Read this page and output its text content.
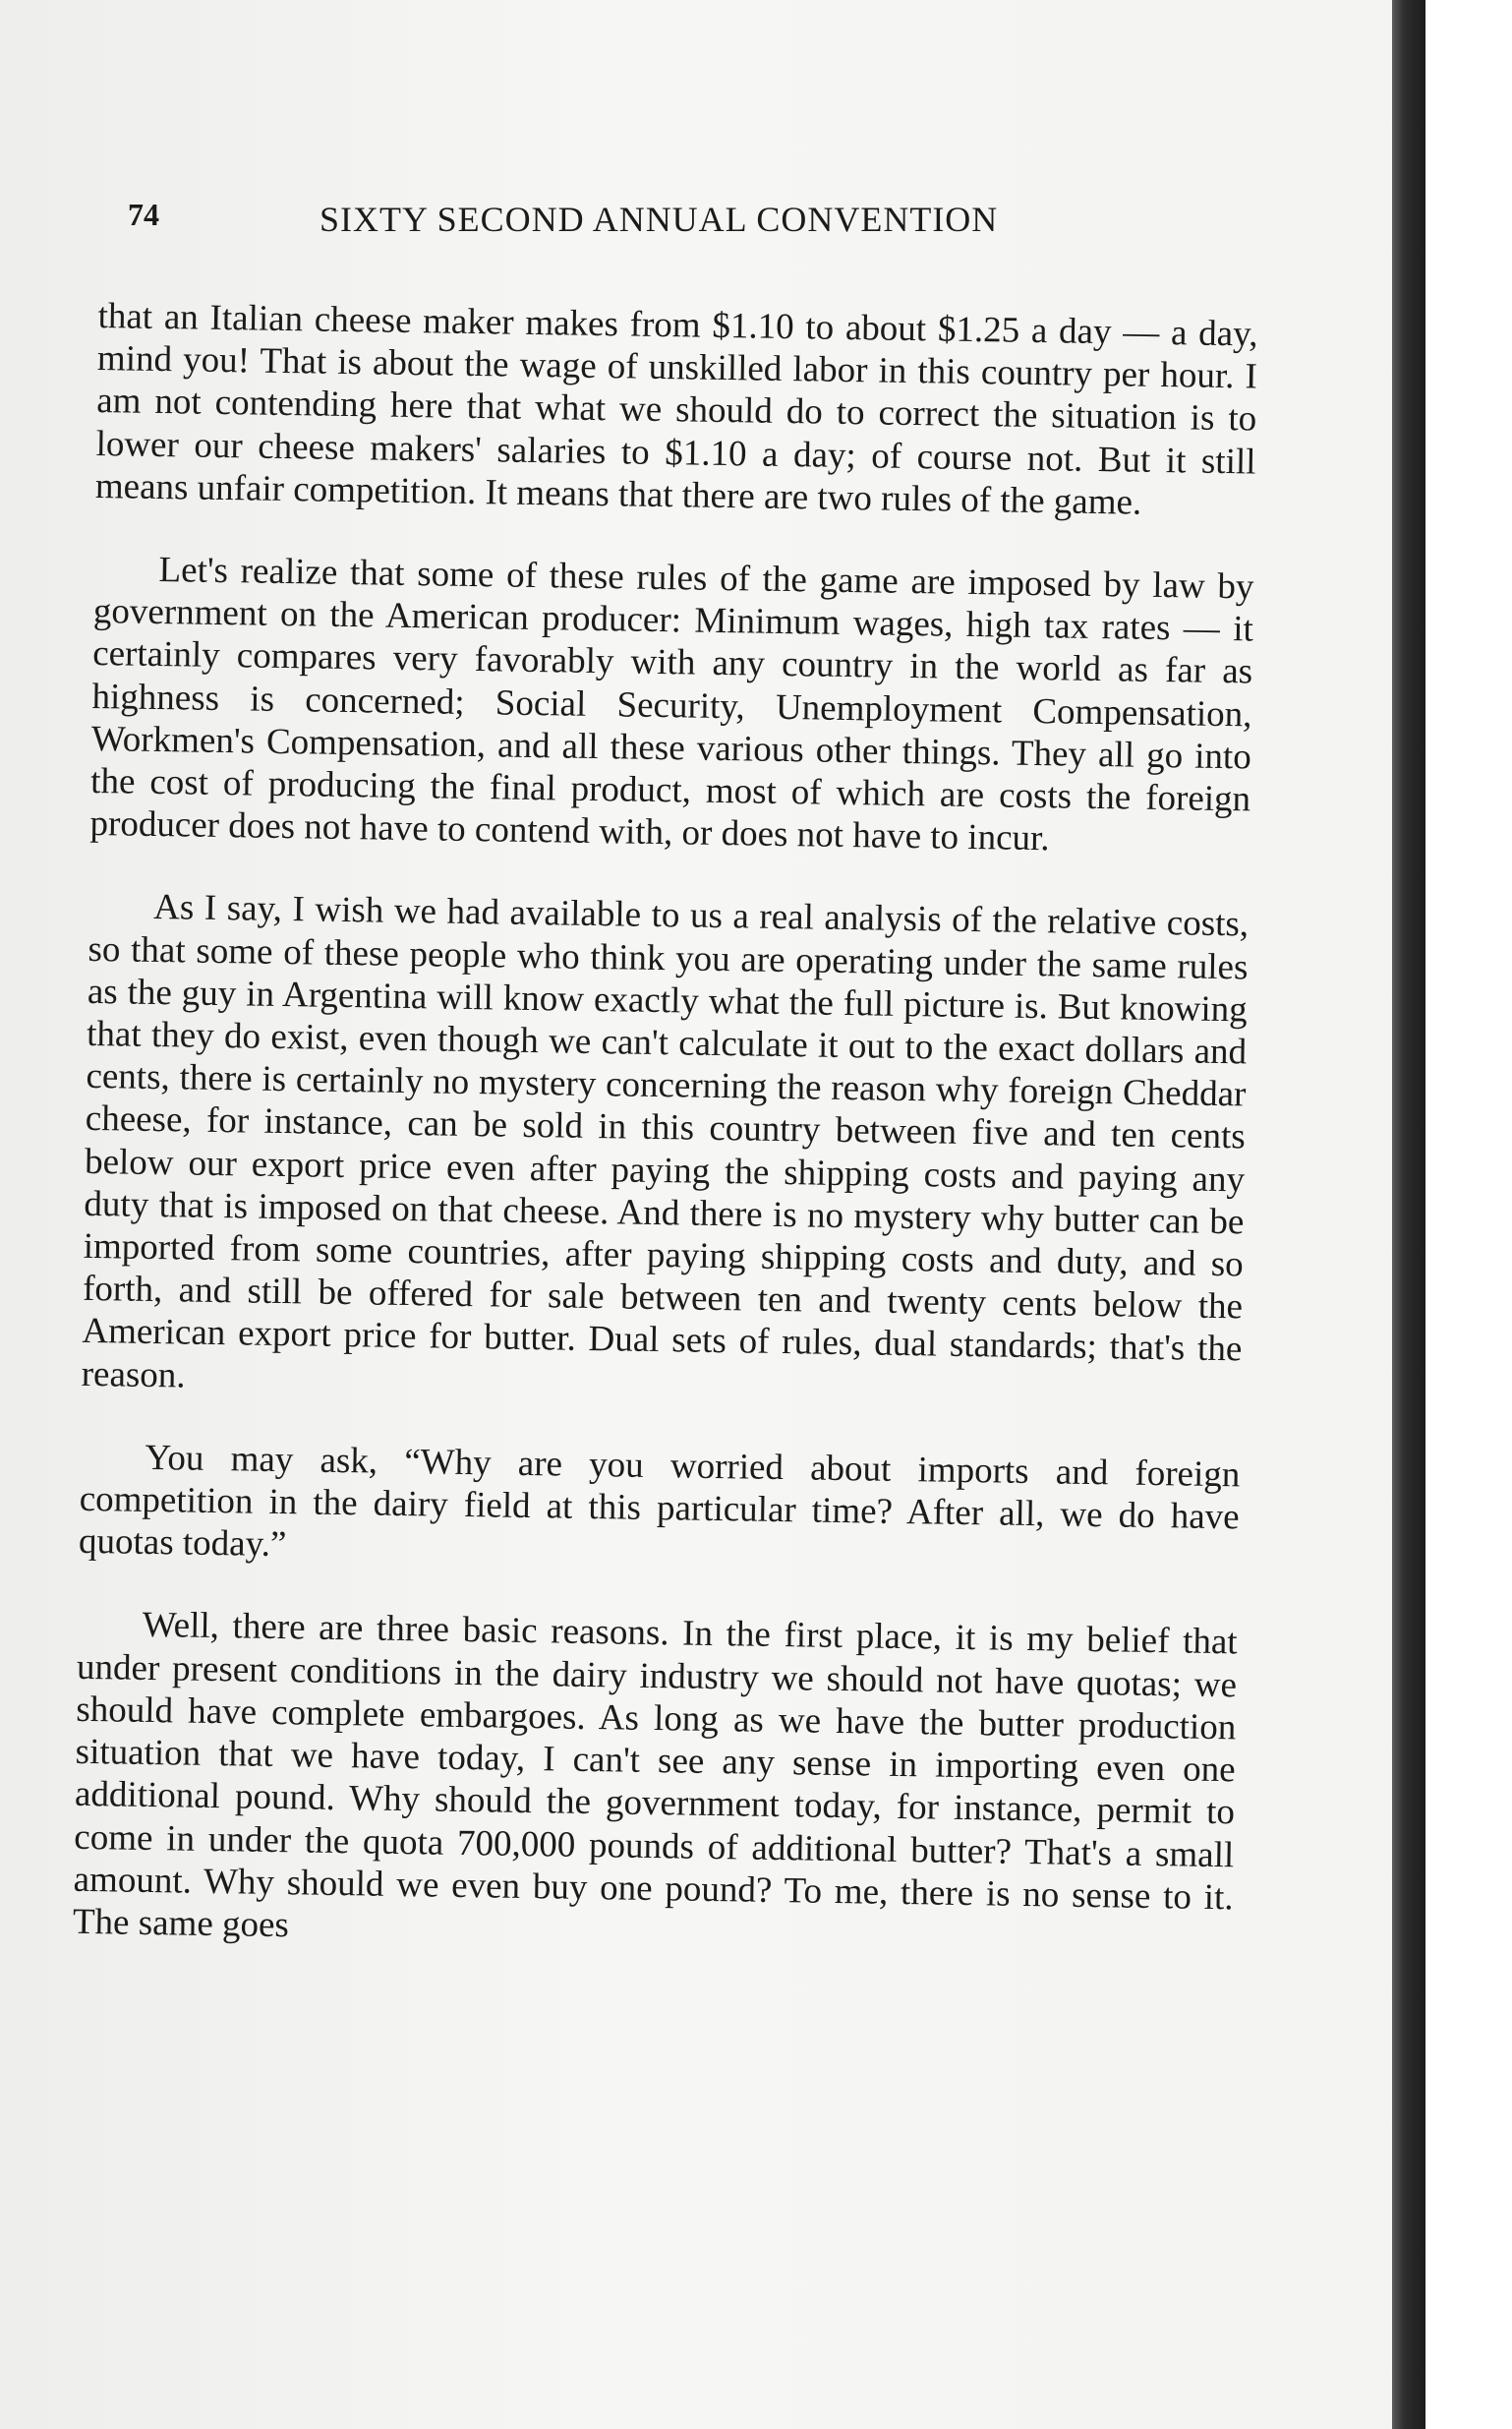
74	SIXTY SECOND ANNUAL CONVENTION

that an Italian cheese maker makes from $1.10 to about $1.25 a day — a day, mind you! That is about the wage of unskilled labor in this country per hour. I am not contending here that what we should do to correct the situation is to lower our cheese makers' salaries to $1.10 a day; of course not. But it still means unfair competition. It means that there are two rules of the game.

Let's realize that some of these rules of the game are imposed by law by government on the American producer: Minimum wages, high tax rates — it certainly compares very favorably with any country in the world as far as highness is concerned; Social Security, Unemployment Compensation, Workmen's Compensation, and all these various other things. They all go into the cost of producing the final product, most of which are costs the foreign producer does not have to contend with, or does not have to incur.

As I say, I wish we had available to us a real analysis of the relative costs, so that some of these people who think you are operating under the same rules as the guy in Argentina will know exactly what the full picture is. But knowing that they do exist, even though we can't calculate it out to the exact dollars and cents, there is certainly no mystery concerning the reason why foreign Cheddar cheese, for instance, can be sold in this country between five and ten cents below our export price even after paying the shipping costs and paying any duty that is imposed on that cheese. And there is no mystery why butter can be imported from some countries, after paying shipping costs and duty, and so forth, and still be offered for sale between ten and twenty cents below the American export price for butter. Dual sets of rules, dual standards; that's the reason.

You may ask, “Why are you worried about imports and foreign competition in the dairy field at this particular time? After all, we do have quotas today.”

Well, there are three basic reasons. In the first place, it is my belief that under present conditions in the dairy industry we should not have quotas; we should have complete embargoes. As long as we have the butter production situation that we have today, I can't see any sense in importing even one additional pound. Why should the government today, for instance, permit to come in under the quota 700,000 pounds of additional butter? That's a small amount. Why should we even buy one pound? To me, there is no sense to it. The same goes
